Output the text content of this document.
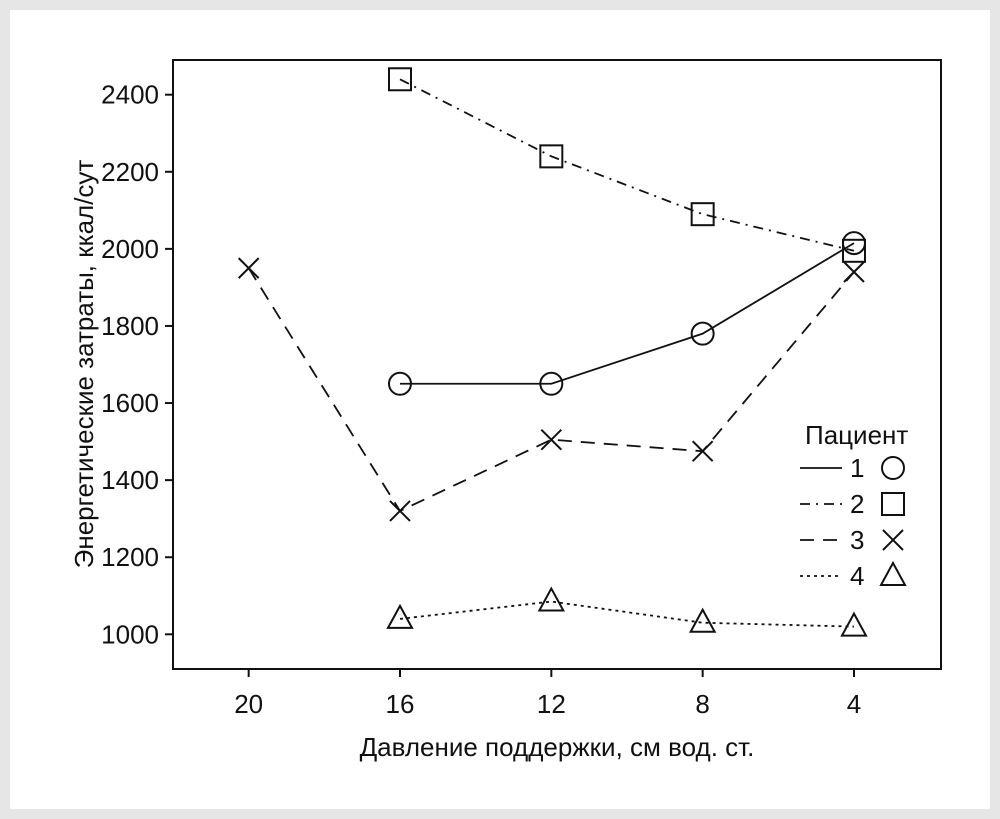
1000
1200
1400
1600
1800
2000
2200
2400
20	16	12	8	4
Энергетические затраты, ккал/сут
Давление поддержки, см вод. ст.
Пациент
1
2
3
4
